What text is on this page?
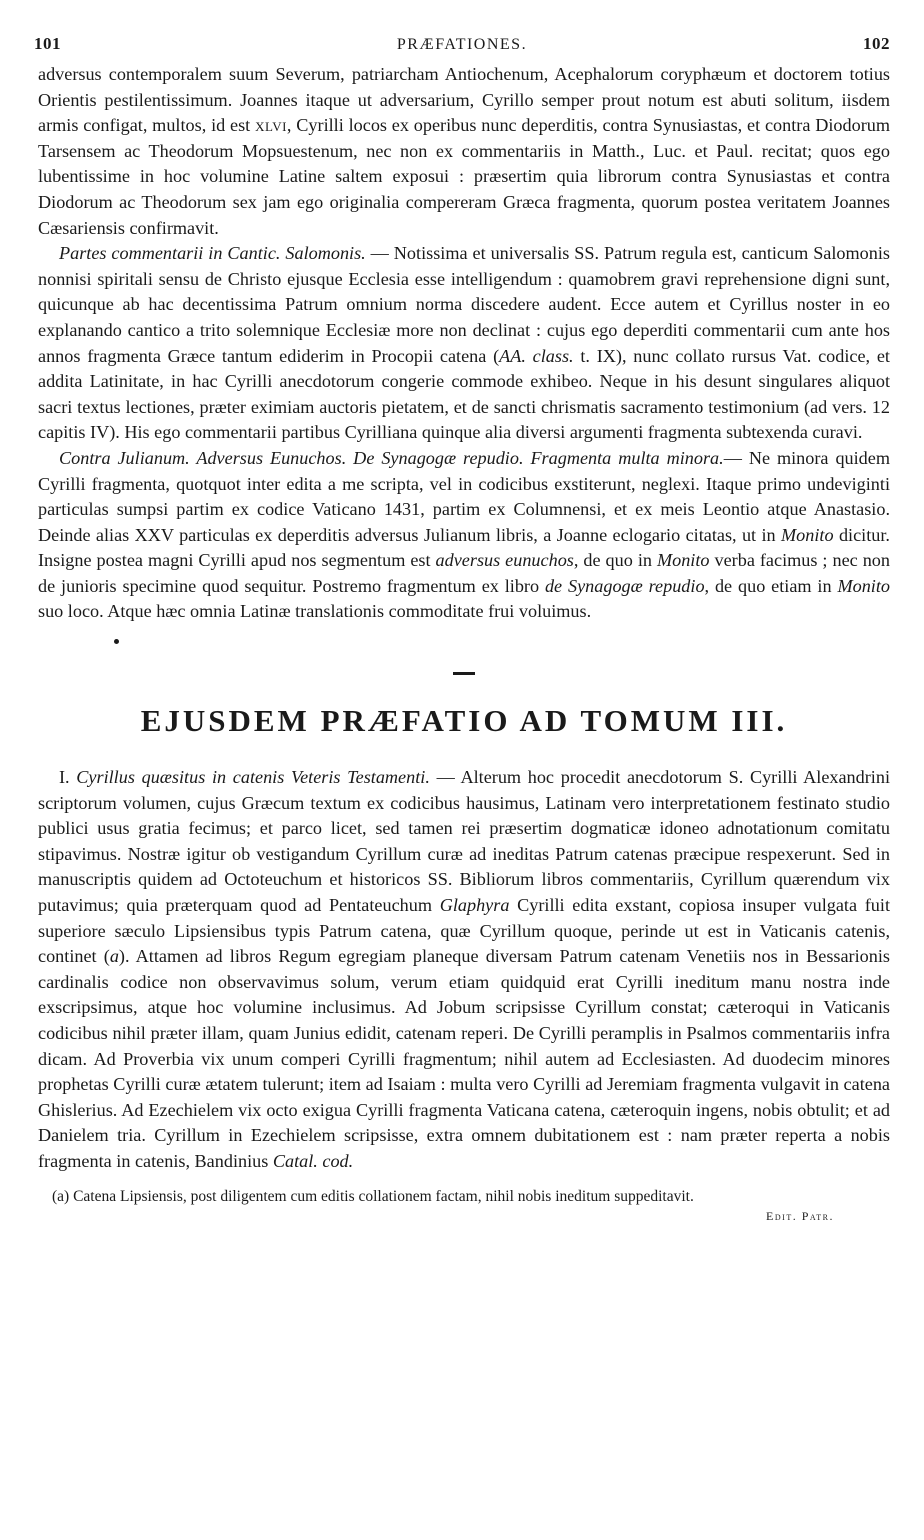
101	PRÆFATIONES.	102

adversus contemporalem suum Severum, patriarcham Antiochenum, Acephalorum coryphæum et doctorem totius Orientis pestilentissimum. Joannes itaque ut adversarium, Cyrillo semper prout notum est abuti solitum, iisdem armis configat, multos, id est xlvi, Cyrilli locos ex operibus nunc deperditis, contra Synusiastas, et contra Diodorum Tarsensem ac Theodorum Mopsuestenum, nec non ex commentariis in Matth., Luc. et Paul. recitat; quos ego lubentissime in hoc volumine Latine saltem exposui : præsertim quia librorum contra Synusiastas et contra Diodorum ac Theodorum sex jam ego originalia compereram Græca fragmenta, quorum postea veritatem Joannes Cæsariensis confirmavit.

Partes commentarii in Cantic. Salomonis. — Notissima et universalis SS. Patrum regula est, canticum Salomonis nonnisi spiritali sensu de Christo ejusque Ecclesia esse intelligendum : quamobrem gravi reprehensione digni sunt, quicunque ab hac decentissima Patrum omnium norma discedere audent. Ecce autem et Cyrillus noster in eo explanando cantico a trito solemnique Ecclesiæ more non declinat : cujus ego deperditi commentarii cum ante hos annos fragmenta Græce tantum ediderim in Procopii catena (AA. class. t. IX), nunc collato rursus Vat. codice, et addita Latinitate, in hac Cyrilli anecdotorum congerie commode exhibeo. Neque in his desunt singulares aliquot sacri textus lectiones, præter eximiam auctoris pietatem, et de sancti chrismatis sacramento testimonium (ad vers. 12 capitis IV). His ego commentarii partibus Cyrilliana quinque alia diversi argumenti fragmenta subtexenda curavi.

Contra Julianum. Adversus Eunuchos. De Synagogæ repudio. Fragmenta multa minora.— Ne minora quidem Cyrilli fragmenta, quotquot inter edita a me scripta, vel in codicibus exstiterunt, neglexi. Itaque primo undeviginti particulas sumpsi partim ex codice Vaticano 1431, partim ex Columnensi, et ex meis Leontio atque Anastasio. Deinde alias XXV particulas ex deperditis adversus Julianum libris, a Joanne eclogario citatas, ut in Monito dicitur. Insigne postea magni Cyrilli apud nos segmentum est adversus eunuchos, de quo in Monito verba facimus ; nec non de junioris specimine quod sequitur. Postremo fragmentum ex libro de Synagogæ repudio, de quo etiam in Monito suo loco. Atque hæc omnia Latinæ translationis commoditate frui voluimus.

EJUSDEM PRÆFATIO AD TOMUM III.

I. Cyrillus quæsitus in catenis Veteris Testamenti. — Alterum hoc procedit anecdotorum S. Cyrilli Alexandrini scriptorum volumen, cujus Græcum textum ex codicibus hausimus, Latinam vero interpretationem festinato studio publici usus gratia fecimus; et parco licet, sed tamen rei præsertim dogmaticæ idoneo adnotationum comitatu stipavimus. Nostræ igitur ob vestigandum Cyrillum curæ ad ineditas Patrum catenas præcipue respexerunt. Sed in manuscriptis quidem ad Octoteuchum et historicos SS. Bibliorum libros commentariis, Cyrillum quærendum vix putavimus; quia præterquam quod ad Pentateuchum Glaphyra Cyrilli edita exstant, copiosa insuper vulgata fuit superiore sæculo Lipsiensibus typis Patrum catena, quæ Cyrillum quoque, perinde ut est in Vaticanis catenis, continet (a). Attamen ad libros Regum egregiam planeque diversam Patrum catenam Venetiis nos in Bessarionis cardinalis codice non observavimus solum, verum etiam quidquid erat Cyrilli ineditum manu nostra inde exscripsimus, atque hoc volumine inclusimus. Ad Jobum scripsisse Cyrillum constat; cæteroqui in Vaticanis codicibus nihil præter illam, quam Junius edidit, catenam reperi. De Cyrilli peramplis in Psalmos commentariis infra dicam. Ad Proverbia vix unum comperi Cyrilli fragmentum; nihil autem ad Ecclesiasten. Ad duodecim minores prophetas Cyrilli curæ ætatem tulerunt; item ad Isaiam : multa vero Cyrilli ad Jeremiam fragmenta vulgavit in catena Ghislerius. Ad Ezechielem vix octo exigua Cyrilli fragmenta Vaticana catena, cæteroquin ingens, nobis obtulit; et ad Danielem tria. Cyrillum in Ezechielem scripsisse, extra omnem dubitationem est : nam præter reperta a nobis fragmenta in catenis, Bandinius Catal. cod.

(a) Catena Lipsiensis, post diligentem cum editis collationem factam, nihil nobis ineditum suppeditavit.

Edit. Patr.
